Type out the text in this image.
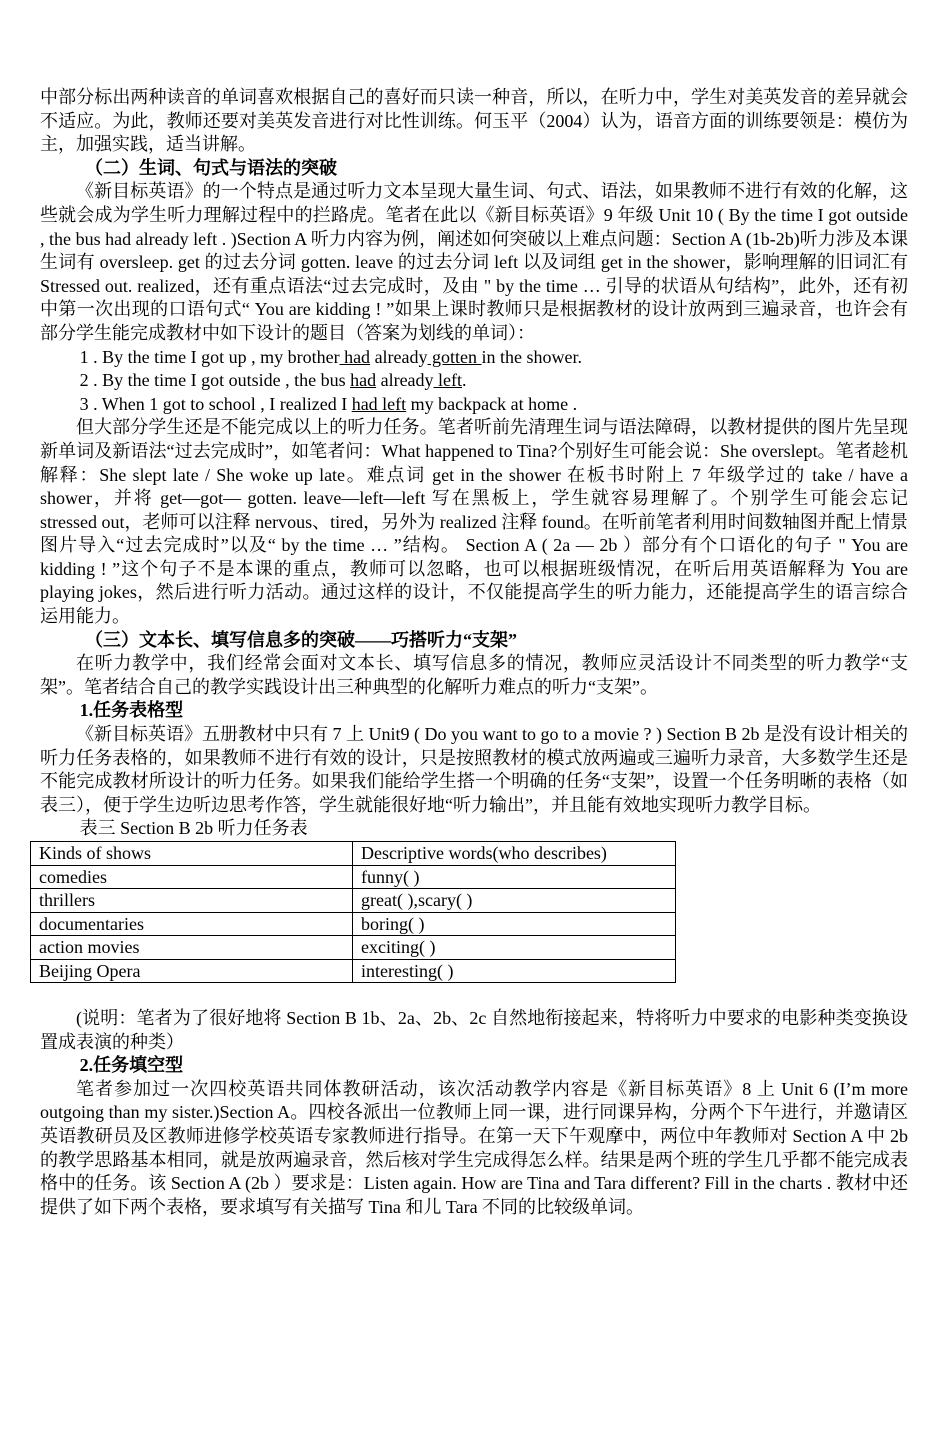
中部分标出两种读音的单词喜欢根据自己的喜好而只读一种音，所以，在听力中，学生对美英发音的差异就会不适应。为此，教师还要对美英发音进行对比性训练。何玉平（2004）认为，语音方面的训练要领是：模仿为主，加强实践，适当讲解。

（二）生词、句式与语法的突破

《新目标英语》的一个特点是通过听力文本呈现大量生词、句式、语法，如果教师不进行有效的化解，这些就会成为学生听力理解过程中的拦路虎。笔者在此以《新目标英语》9 年级 Unit 10 ( By the time I got outside , the bus had already left . )Section A 听力内容为例，阐述如何突破以上难点问题：Section A (1b-2b)听力涉及本课生词有 oversleep. get 的过去分词 gotten. leave 的过去分词 left 以及词组 get in the shower，影响理解的旧词汇有 Stressed out. realized，还有重点语法“过去完成时，及由 " by the time … 引导的状语从句结构”，此外，还有初中第一次出现的口语句式“ You are kidding ! ”如果上课时教师只是根据教材的设计放两到三遍录音，也许会有部分学生能完成教材中如下设计的题目（答案为划线的单词）：

1 . By the time I got up , my brother had already gotten in the shower.

2 . By the time I got outside , the bus had already left.

3 . When 1 got to school , I realized I had left my backpack at home .

但大部分学生还是不能完成以上的听力任务。笔者听前先清理生词与语法障碍，以教材提供的图片先呈现新单词及新语法“过去完成时”，如笔者问：What happened to Tina?个别好生可能会说：She overslept。笔者趁机解释：She slept late / She woke up late。难点词 get in the shower 在板书时附上 7 年级学过的 take / have a shower，并将 get—got— gotten. leave—left—left 写在黑板上，学生就容易理解了。个别学生可能会忘记 stressed out，老师可以注释 nervous、tired，另外为 realized 注释 found。在听前笔者利用时间数轴图并配上情景图片导入“过去完成时”以及“ by the time … ”结构。 Section A ( 2a — 2b ）部分有个口语化的句子 " You are kidding ! ”这个句子不是本课的重点，教师可以忽略，也可以根据班级情况，在听后用英语解释为 You are playing jokes，然后进行听力活动。通过这样的设计，不仅能提高学生的听力能力，还能提高学生的语言综合运用能力。

（三）文本长、填写信息多的突破——巧搭听力“支架”

在听力教学中，我们经常会面对文本长、填写信息多的情况，教师应灵活设计不同类型的听力教学“支架”。笔者结合自己的教学实践设计出三种典型的化解听力难点的听力“支架”。

1.任务表格型

《新目标英语》五册教材中只有 7 上 Unit9 ( Do you want to go to a movie ? ) Section B 2b 是没有设计相关的听力任务表格的，如果教师不进行有效的设计，只是按照教材的模式放两遍或三遍听力录音，大多数学生还是不能完成教材所设计的听力任务。如果我们能给学生搭一个明确的任务“支架”，设置一个任务明晰的表格（如表三），便于学生边听边思考作答，学生就能很好地“听力输出”，并且能有效地实现听力教学目标。

表三 Section B 2b 听力任务表

Kinds of shows	Descriptive words(who describes)
comedies	funny( )
thrillers	great( ),scary( )
documentaries	boring( )
action movies	exciting( )
Beijing Opera	interesting( )

(说明：笔者为了很好地将 Section B 1b、2a、2b、2c 自然地衔接起来，特将听力中要求的电影种类变换设置成表演的种类）

2.任务填空型

笔者参加过一次四校英语共同体教研活动，该次活动教学内容是《新目标英语》8 上 Unit 6 (I’m more outgoing than my sister.)Section A。四校各派出一位教师上同一课，进行同课异构，分两个下午进行，并邀请区英语教研员及区教师进修学校英语专家教师进行指导。在第一天下午观摩中，两位中年教师对 Section A 中 2b 的教学思路基本相同，就是放两遍录音，然后核对学生完成得怎么样。结果是两个班的学生几乎都不能完成表格中的任务。该 Section A (2b ）要求是：Listen again. How are Tina and Tara different? Fill in the charts . 教材中还提供了如下两个表格，要求填写有关描写 Tina 和儿 Tara 不同的比较级单词。
